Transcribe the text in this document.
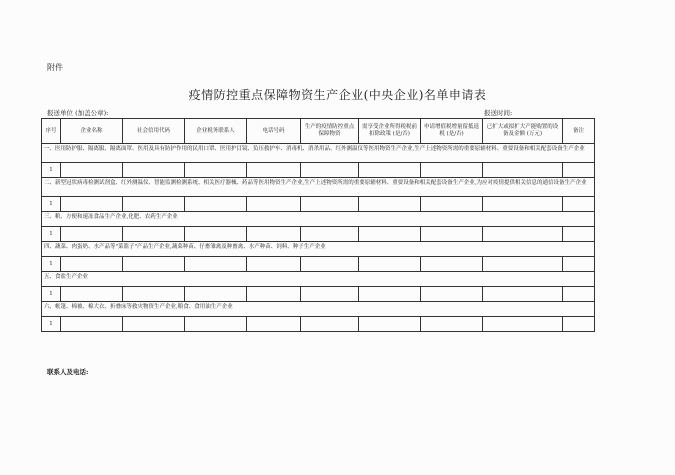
附件
疫情防控重点保障物资生产企业(中央企业)名单申请表
报送单位 (加盖公章):	报送时间:
序号	企业名称	社会信用代码	企业税务联系人	电话号码	生产的疫情防控重点保障物资	需享受企业所得税税前扣除政策 (是/否)	申请增值税增量留抵退税 (是/否)	已扩大或拟扩大产能购置的设备及金额 (万元)	备注
一、医用防护服、隔离服、隔离面罩、医用及具有防护作用的民用口罩、医用护目镜、负压救护车、消毒机、消杀用品、红外测温仪等医用物资生产企业,生产上述物资所需的重要原辅材料、重要设备和相关配套设备生产企业									
1									
二、新型冠状病毒检测试剂盒、红外测温仪、智能监测检测系统、相关医疗器械、药品等医用物资生产企业,生产上述物资所需的重要原辅材料、重要设备和相关配套设备生产企业,为应对疫情提供相关信息的通信设备生产企业									
1									
三、粮、方便和速冻食品生产企业,化肥、农药生产企业									
1									
四、蔬菜、肉蛋奶、水产品等"菜篮子"产品生产企业,蔬菜种苗、仔畜雏禽及种畜禽、水产种苗、饲料、种子生产企业									
1									
五、食盐生产企业									
1									
六、帐篷、棉被、棉大衣、折叠床等救灾物资生产企业,粮食、食用油生产企业									
1									
联系人及电话:
